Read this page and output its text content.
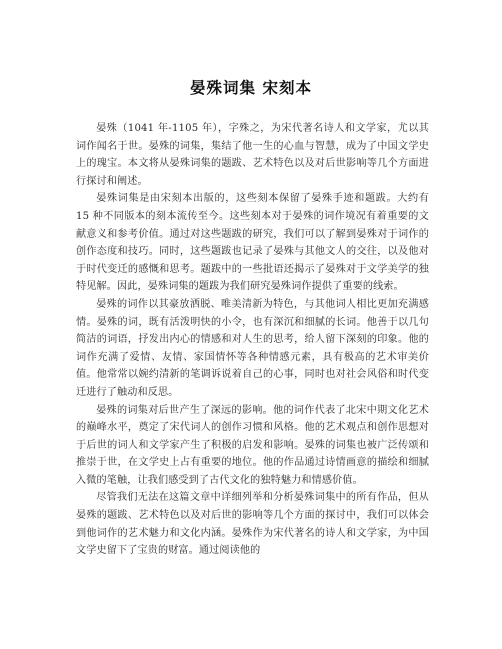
晏殊词集 宋刻本

晏殊（1041 年-1105 年），字殊之，为宋代著名诗人和文学家，尤以其词作闻名于世。晏殊的词集，集结了他一生的心血与智慧，成为了中国文学史上的瑰宝。本文将从晏殊词集的题跋、艺术特色以及对后世影响等几个方面进行探讨和阐述。

晏殊词集是由宋刻本出版的，这些刻本保留了晏殊手迹和题跋。大约有 15 种不同版本的刻本流传至今。这些刻本对于晏殊的词作境况有着重要的文献意义和参考价值。通过对这些题跋的研究，我们可以了解到晏殊对于词作的创作态度和技巧。同时，这些题跋也记录了晏殊与其他文人的交往，以及他对于时代变迁的感慨和思考。题跋中的一些批语还揭示了晏殊对于文学美学的独特见解。因此，晏殊词集的题跋为我们研究晏殊词作提供了重要的线索。

晏殊的词作以其豪放洒脱、唯美清新为特色，与其他词人相比更加充满感情。晏殊的词，既有活泼明快的小令，也有深沉和细腻的长词。他善于以几句简洁的词语，抒发出内心的情感和对人生的思考，给人留下深刻的印象。他的词作充满了爱情、友情、家国情怀等各种情感元素，具有极高的艺术审美价值。他常常以婉约清新的笔调诉说着自己的心事，同时也对社会风俗和时代变迁进行了触动和反思。

晏殊的词集对后世产生了深远的影响。他的词作代表了北宋中期文化艺术的巅峰水平，奠定了宋代词人的创作习惯和风格。他的艺术观点和创作思想对于后世的词人和文学家产生了积极的启发和影响。晏殊的词集也被广泛传颂和推崇于世，在文学史上占有重要的地位。他的作品通过诗情画意的描绘和细腻入微的笔触，让我们感受到了古代文化的独特魅力和情感价值。

尽管我们无法在这篇文章中详细列举和分析晏殊词集中的所有作品，但从晏殊的题跋、艺术特色以及对后世的影响等几个方面的探讨中，我们可以体会到他词作的艺术魅力和文化内涵。晏殊作为宋代著名的诗人和文学家，为中国文学史留下了宝贵的财富。通过阅读他的
